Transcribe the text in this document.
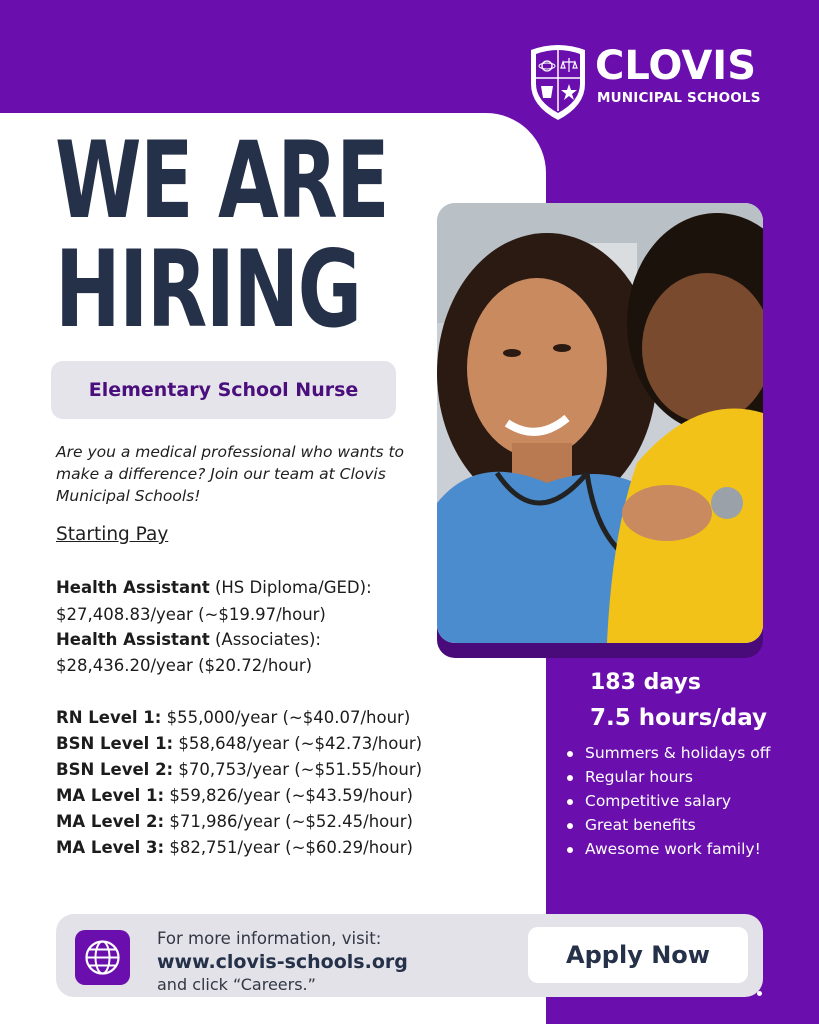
CLOVIS
MUNICIPAL SCHOOLS
WE ARE
HIRING
Elementary School Nurse
Are you a medical professional who wants to make a difference? Join our team at Clovis Municipal Schools!
Starting Pay
Health Assistant (HS Diploma/GED):
$27,408.83/year (~$19.97/hour)
Health Assistant (Associates):
$28,436.20/year ($20.72/hour)
RN Level 1: $55,000/year (~$40.07/hour)
BSN Level 1: $58,648/year (~$42.73/hour)
BSN Level 2: $70,753/year (~$51.55/hour)
MA Level 1: $59,826/year (~$43.59/hour)
MA Level 2: $71,986/year (~$52.45/hour)
MA Level 3: $82,751/year (~$60.29/hour)
183 days
7.5 hours/day
Summers & holidays off
Regular hours
Competitive salary
Great benefits
Awesome work family!
For more information, visit:
www.clovis-schools.org
and click “Careers.”
Apply Now
